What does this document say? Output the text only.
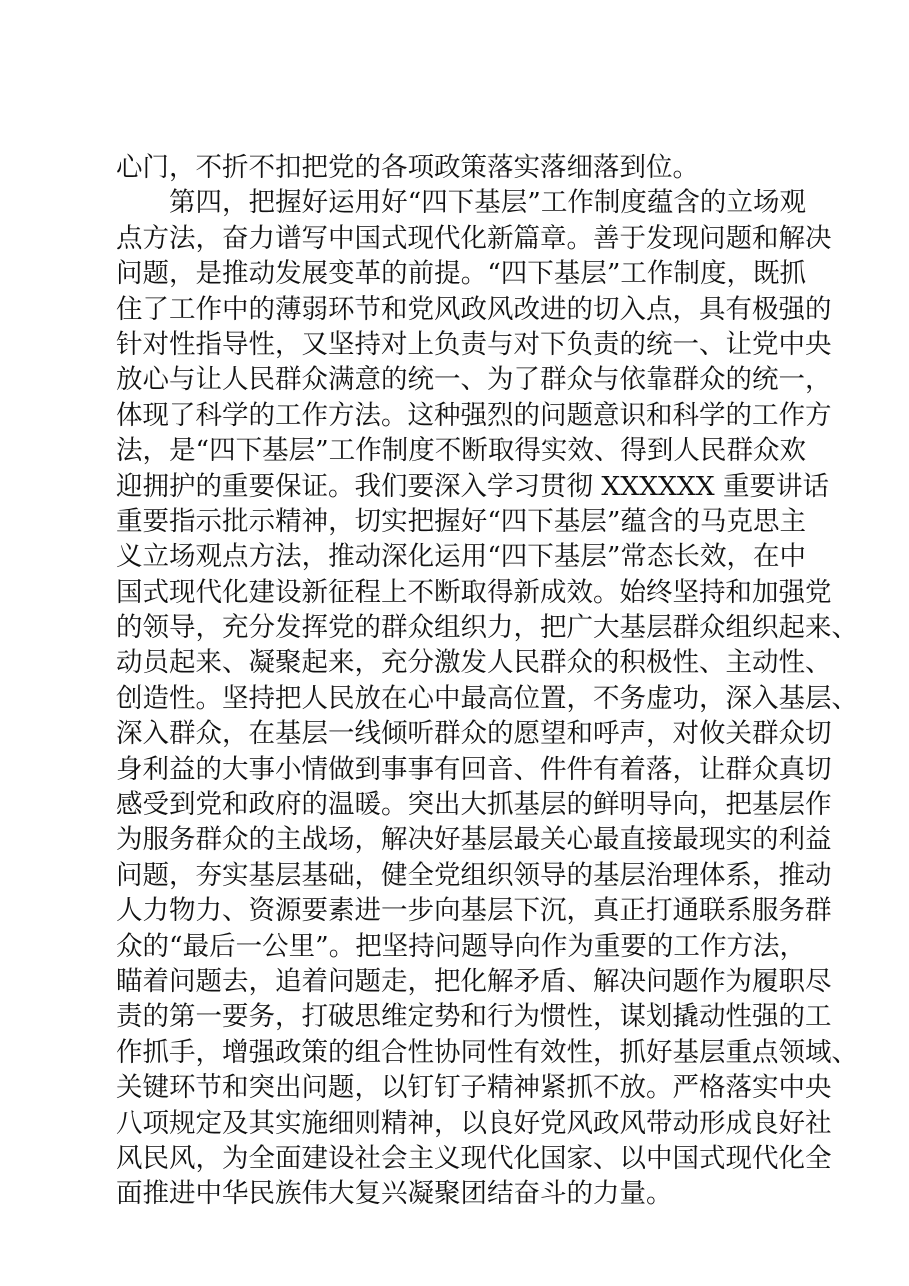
心门，不折不扣把党的各项政策落实落细落到位。
第四，把握好运用好“四下基层”工作制度蕴含的立场观
点方法，奋力谱写中国式现代化新篇章。善于发现问题和解决
问题，是推动发展变革的前提。“四下基层”工作制度，既抓
住了工作中的薄弱环节和党风政风改进的切入点，具有极强的
针对性指导性，又坚持对上负责与对下负责的统一、让党中央
放心与让人民群众满意的统一、为了群众与依靠群众的统一，
体现了科学的工作方法。这种强烈的问题意识和科学的工作方
法，是“四下基层”工作制度不断取得实效、得到人民群众欢
迎拥护的重要保证。我们要深入学习贯彻 XXXXXX 重要讲话
重要指示批示精神，切实把握好“四下基层”蕴含的马克思主
义立场观点方法，推动深化运用“四下基层”常态长效，在中
国式现代化建设新征程上不断取得新成效。始终坚持和加强党
的领导，充分发挥党的群众组织力，把广大基层群众组织起来、
动员起来、凝聚起来，充分激发人民群众的积极性、主动性、
创造性。坚持把人民放在心中最高位置，不务虚功，深入基层、
深入群众，在基层一线倾听群众的愿望和呼声，对攸关群众切
身利益的大事小情做到事事有回音、件件有着落，让群众真切
感受到党和政府的温暖。突出大抓基层的鲜明导向，把基层作
为服务群众的主战场，解决好基层最关心最直接最现实的利益
问题，夯实基层基础，健全党组织领导的基层治理体系，推动
人力物力、资源要素进一步向基层下沉，真正打通联系服务群
众的“最后一公里”。把坚持问题导向作为重要的工作方法，
瞄着问题去，追着问题走，把化解矛盾、解决问题作为履职尽
责的第一要务，打破思维定势和行为惯性，谋划撬动性强的工
作抓手，增强政策的组合性协同性有效性，抓好基层重点领域、
关键环节和突出问题，以钉钉子精神紧抓不放。严格落实中央
八项规定及其实施细则精神，以良好党风政风带动形成良好社
风民风，为全面建设社会主义现代化国家、以中国式现代化全
面推进中华民族伟大复兴凝聚团结奋斗的力量。
